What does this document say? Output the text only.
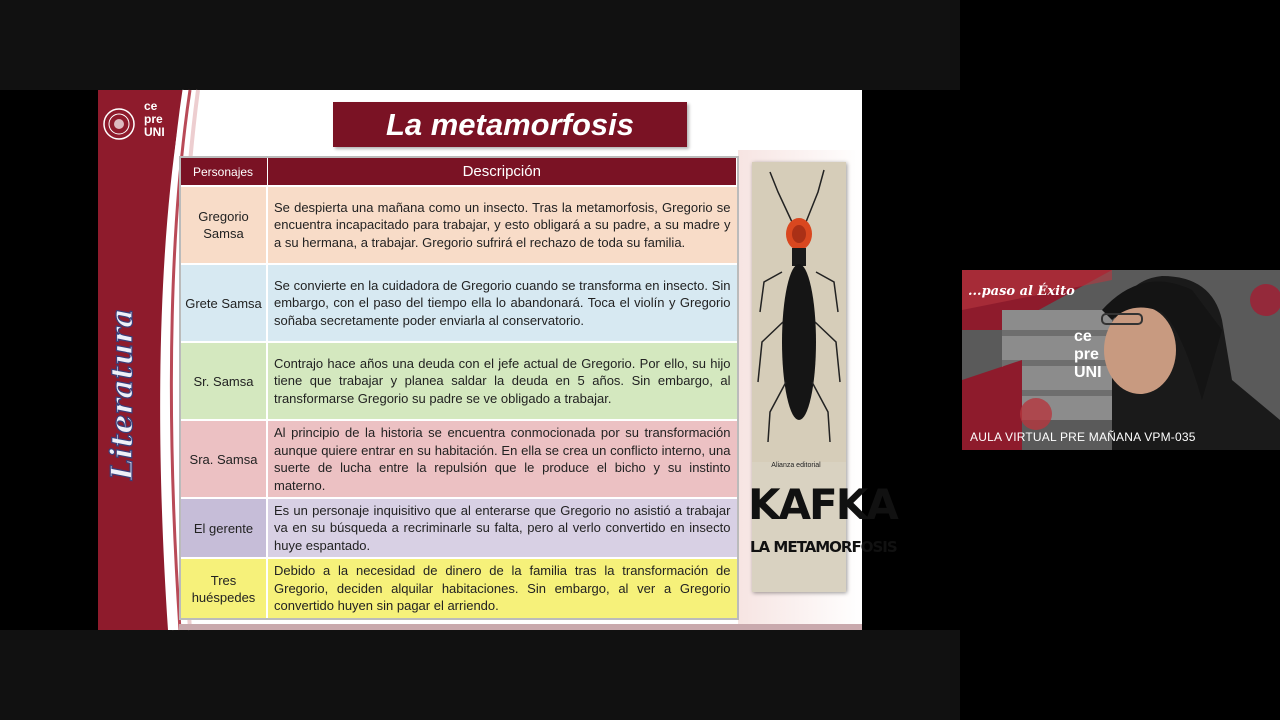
ce
pre
UNI
Literatura
La metamorfosis
Personajes	Descripción
Gregorio Samsa	Se despierta una mañana como un insecto. Tras la metamorfosis, Gregorio se encuentra incapacitado para trabajar, y esto obligará a su padre, a su madre y a su hermana, a trabajar. Gregorio sufrirá el rechazo de toda su familia.
Grete Samsa	Se convierte en la cuidadora de Gregorio cuando se transforma en insecto. Sin embargo, con el paso del tiempo ella lo abandonará. Toca el violín y Gregorio soñaba secretamente poder enviarla al conservatorio.
Sr. Samsa	Contrajo hace años una deuda con el jefe actual de Gregorio. Por ello, su hijo tiene que trabajar y planea saldar la deuda en 5 años. Sin embargo, al transformarse Gregorio su padre se ve obligado a trabajar.
Sra. Samsa	Al principio de la historia se encuentra conmocionada por su transformación aunque quiere entrar en su habitación. En ella se crea un conflicto interno, una suerte de lucha entre la repulsión que le produce el bicho y su instinto materno.
El gerente	Es un personaje inquisitivo que al enterarse que Gregorio no asistió a trabajar va en su búsqueda a recriminarle su falta, pero al verlo convertido en insecto huye espantado.
Tres huéspedes	Debido a la necesidad de dinero de la familia tras la transformación de Gregorio, deciden alquilar habitaciones. Sin embargo, al ver a Gregorio convertido huyen sin pagar el arriendo.
Alianza editorial
KAFKA
LA METAMORFOSIS
...paso al Éxito
ce
pre
UNI
AULA VIRTUAL PRE MAÑANA VPM-035
